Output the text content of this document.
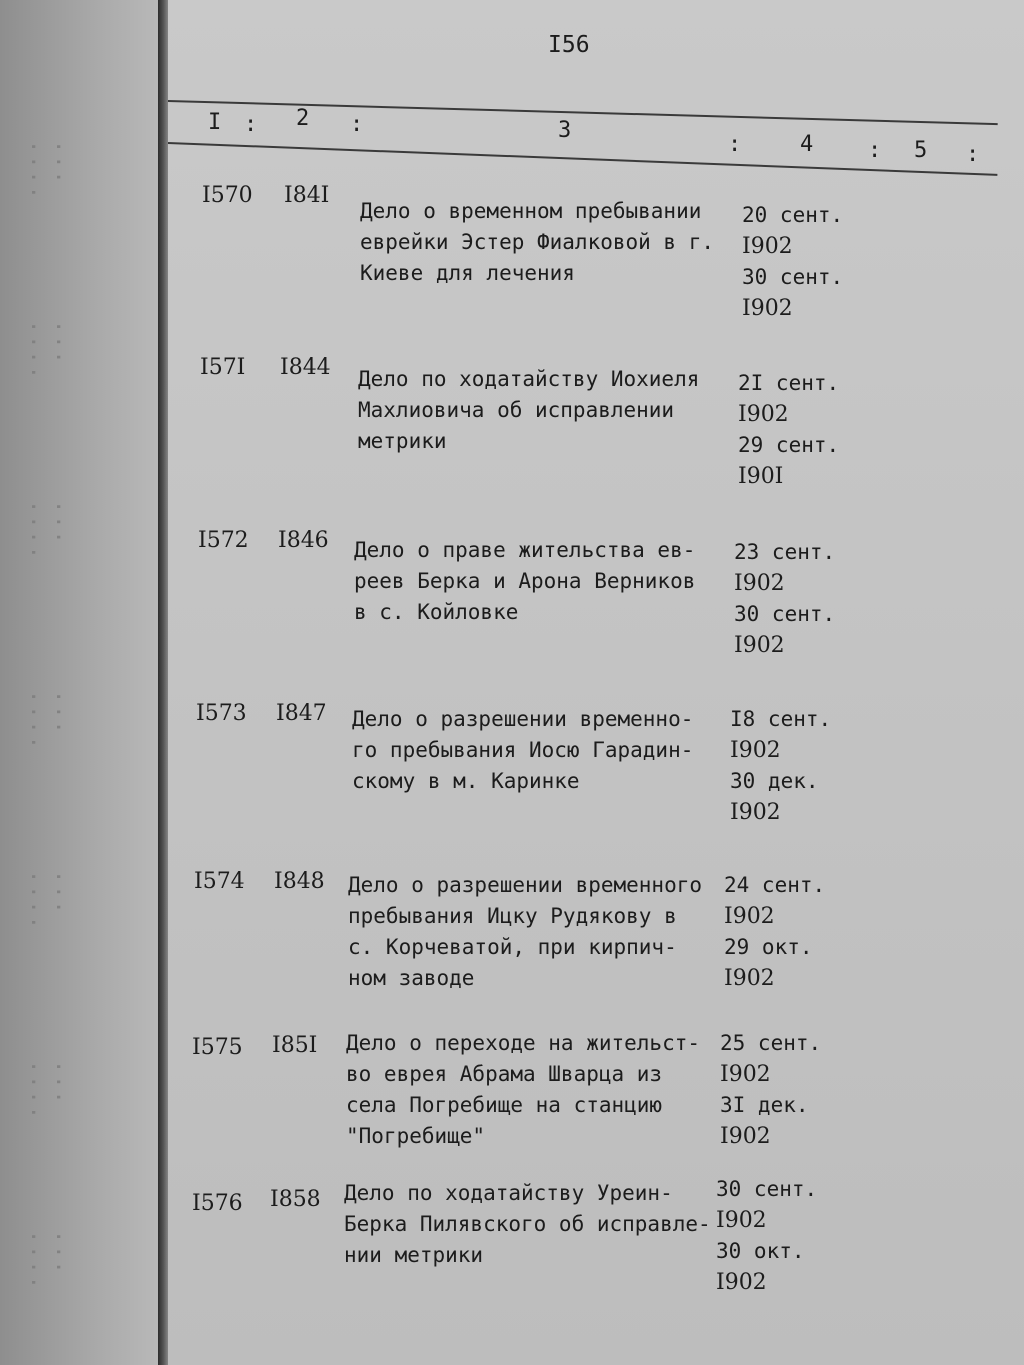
··· ····
··· ····
··· ····
··· ····
··· ····
··· ····
··· ····
I56
I : 2 :	3
:	4 : 5 :
I570 I84I
Дело о временном пребывании
еврейки Эстер Фиалковой в г.
Киеве для лечения
20 сент.
I902
30 сент.
I902
I57I I844 Дело по ходатайству Иохиеля
Махлиовича об исправлении
метрики
2I сент.
I902
29 сент.
I90I
I572 I846 Дело о праве жительства ев-
реев Берка и Арона Верников
в с. Койловке
23 сент.
I902
30 сент.
I902
I573 I847 Дело о разрешении временно-
го пребывания Иосю Гарадин-
скому в м. Каринке
I8 сент.
I902
30 дек.
I902
I574 I848 Дело о разрешении временного
пребывания Ицку Рудякову в
с. Корчеватой, при кирпич-
ном заводе
24 сент.
I902
29 окт.
I902
I575 I85I Дело о переходе на жительст-
во еврея Абрама Шварца из
села Погребище на станцию
"Погребище"
25 сент.
I902
3I дек.
I902
I576 I858 Дело по ходатайству Уреин-
Берка Пилявского об исправле-
нии метрики
30 сент.
I902
30 окт.
I902
